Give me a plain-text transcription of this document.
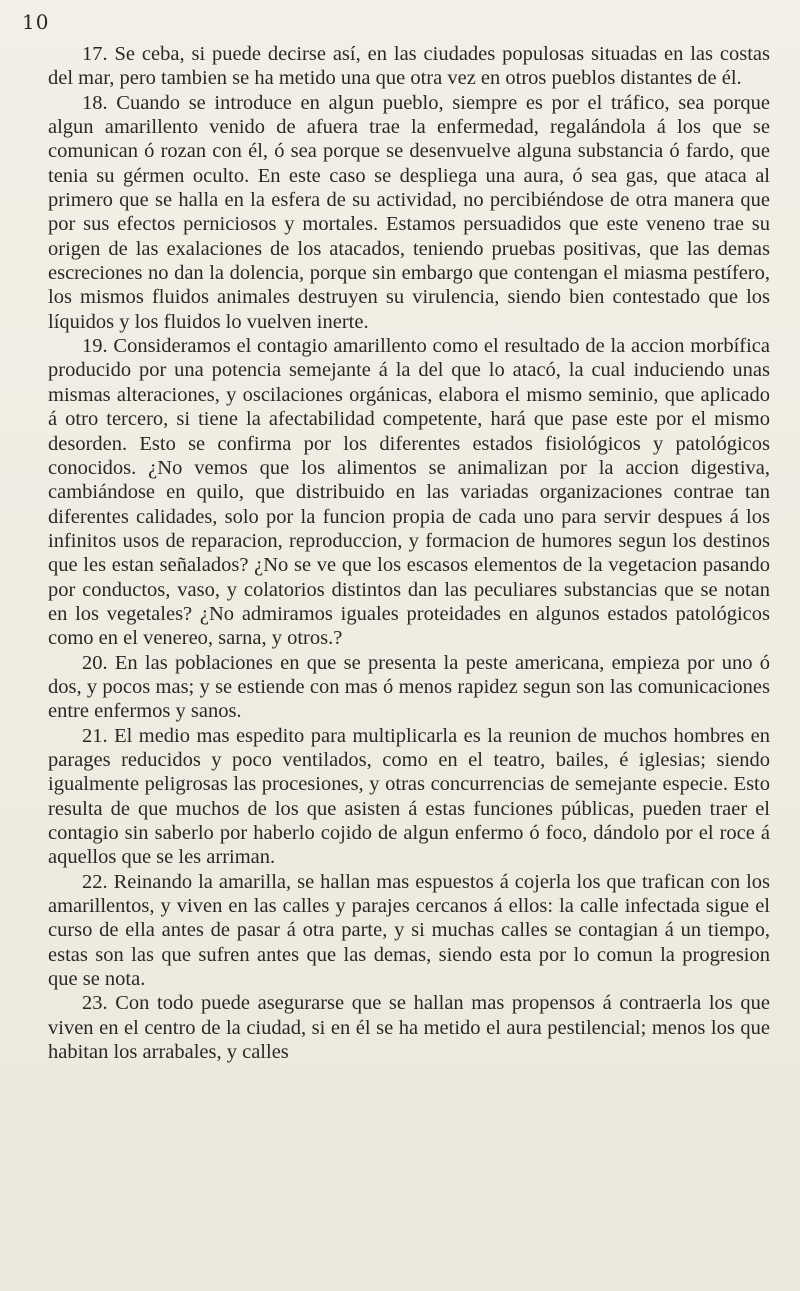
10

17. Se ceba, si puede decirse así, en las ciudades populosas situadas en las costas del mar, pero tambien se ha metido una que otra vez en otros pueblos distantes de él.

18. Cuando se introduce en algun pueblo, siempre es por el tráfico, sea porque algun amarillento venido de afuera trae la enfermedad, regalándola á los que se comunican ó rozan con él, ó sea porque se desenvuelve alguna substancia ó fardo, que tenia su gérmen oculto. En este caso se despliega una aura, ó sea gas, que ataca al primero que se halla en la esfera de su actividad, no percibiéndose de otra manera que por sus efectos perniciosos y mortales. Estamos persuadidos que este veneno trae su origen de las exalaciones de los atacados, teniendo pruebas positivas, que las demas escreciones no dan la dolencia, porque sin embargo que contengan el miasma pestífero, los mismos fluidos animales destruyen su virulencia, siendo bien contestado que los líquidos y los fluidos lo vuelven inerte.

19. Consideramos el contagio amarillento como el resultado de la accion morbífica producido por una potencia semejante á la del que lo atacó, la cual induciendo unas mismas alteraciones, y oscilaciones orgánicas, elabora el mismo seminio, que aplicado á otro tercero, si tiene la afectabilidad competente, hará que pase este por el mismo desorden. Esto se confirma por los diferentes estados fisiológicos y patológicos conocidos. ¿No vemos que los alimentos se animalizan por la accion digestiva, cambiándose en quilo, que distribuido en las variadas organizaciones contrae tan diferentes calidades, solo por la funcion propia de cada uno para servir despues á los infinitos usos de reparacion, reproduccion, y formacion de humores segun los destinos que les estan señalados? ¿No se ve que los escasos elementos de la vegetacion pasando por conductos, vaso, y colatorios distintos dan las peculiares substancias que se notan en los vegetales? ¿No admiramos iguales proteidades en algunos estados patológicos como en el venereo, sarna, y otros.?

20. En las poblaciones en que se presenta la peste americana, empieza por uno ó dos, y pocos mas; y se estiende con mas ó menos rapidez segun son las comunicaciones entre enfermos y sanos.

21. El medio mas espedito para multiplicarla es la reunion de muchos hombres en parages reducidos y poco ventilados, como en el teatro, bailes, é iglesias; siendo igualmente peligrosas las procesiones, y otras concurrencias de semejante especie. Esto resulta de que muchos de los que asisten á estas funciones públicas, pueden traer el contagio sin saberlo por haberlo cojido de algun enfermo ó foco, dándolo por el roce á aquellos que se les arriman.

22. Reinando la amarilla, se hallan mas espuestos á cojerla los que trafican con los amarillentos, y viven en las calles y parajes cercanos á ellos: la calle infectada sigue el curso de ella antes de pasar á otra parte, y si muchas calles se contagian á un tiempo, estas son las que sufren antes que las demas, siendo esta por lo comun la progresion que se nota.

23. Con todo puede asegurarse que se hallan mas propensos á contraerla los que viven en el centro de la ciudad, si en él se ha metido el aura pestilencial; menos los que habitan los arrabales, y calles
